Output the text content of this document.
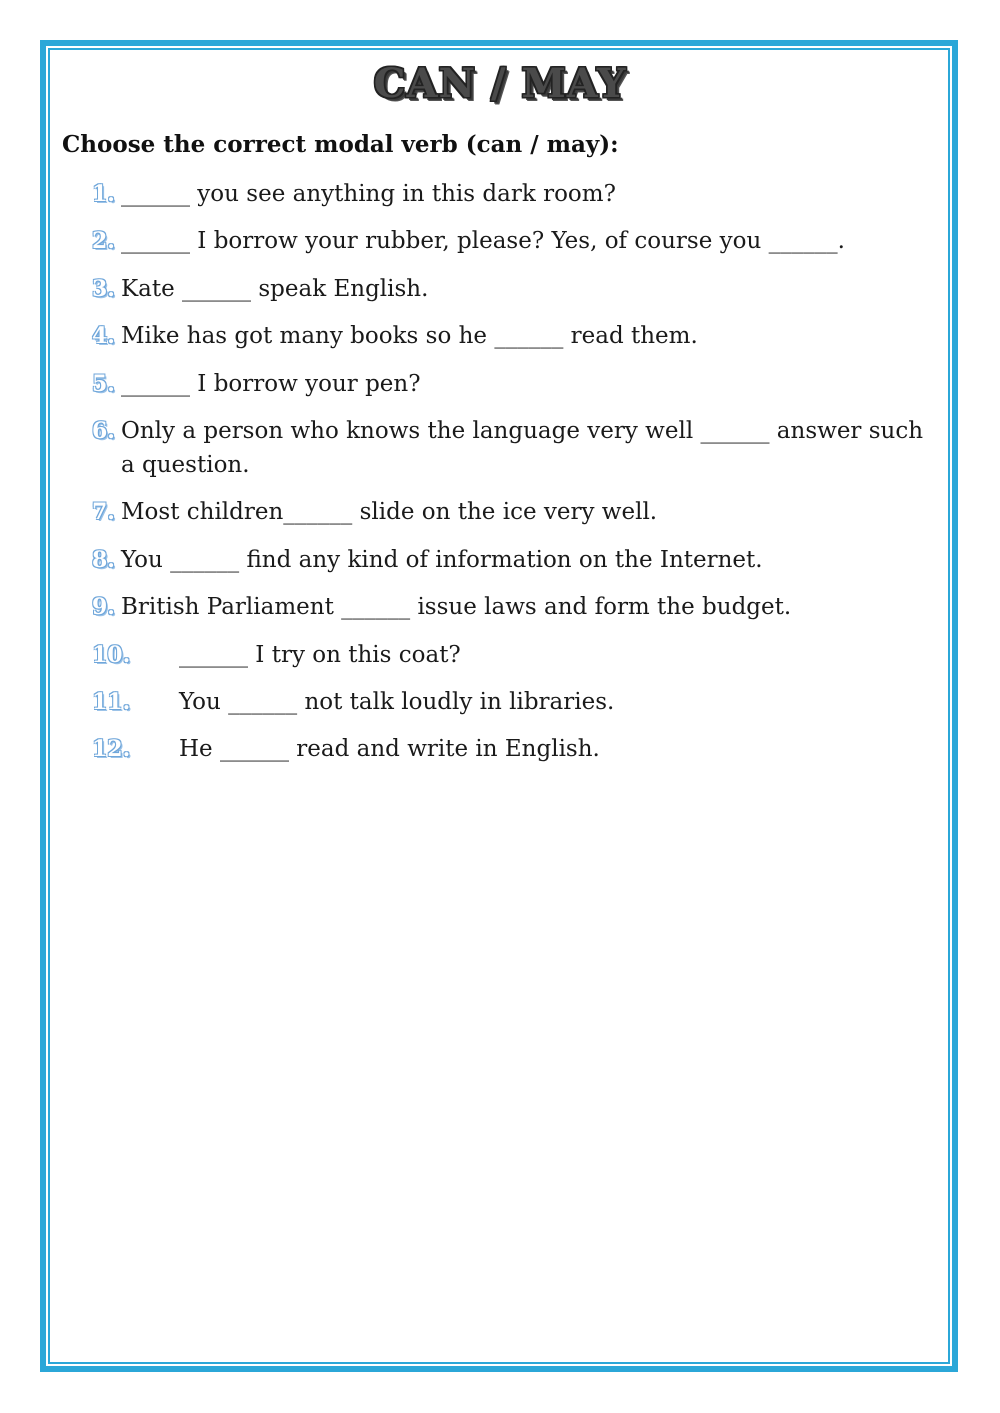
CAN / MAY
Choose the correct modal verb (can / may):
1. ______ you see anything in this dark room?
2. ______ I borrow your rubber, please? Yes, of course you ______.
3. Kate ______ speak English.
4. Mike has got many books so he ______ read them.
5. ______ I borrow your pen?
6. Only a person who knows the language very well ______ answer such a question.
7. Most children______ slide on the ice very well.
8. You ______ find any kind of information on the Internet.
9. British Parliament ______ issue laws and form the budget.
10.	______ I try on this coat?
11.	You ______ not talk loudly in libraries.
12.	He ______ read and write in English.
